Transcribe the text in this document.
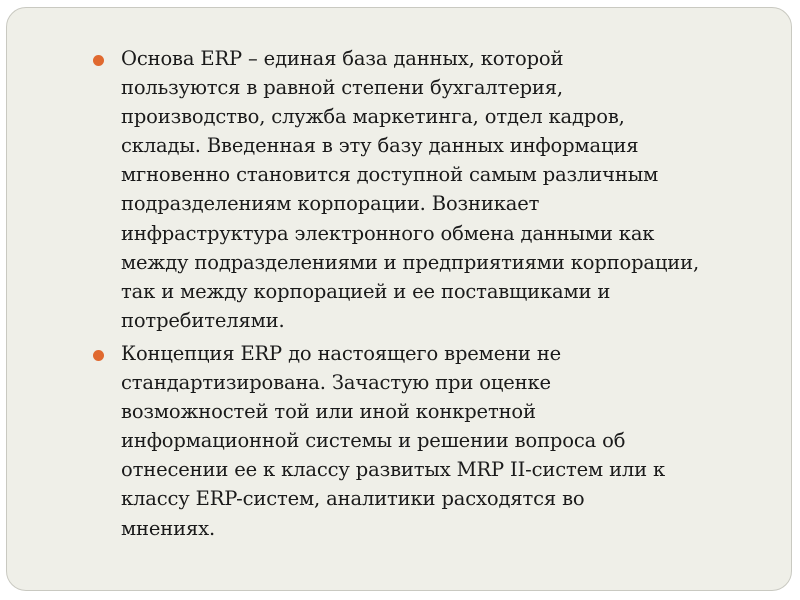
Основа ERP – единая база данных, которой
пользуются в равной степени бухгалтерия,
производство, служба маркетинга, отдел кадров,
склады. Введенная в эту базу данных информация
мгновенно становится доступной самым различным
подразделениям корпорации. Возникает
инфраструктура электронного обмена данными как
между подразделениями и предприятиями корпорации,
так и между корпорацией и ее поставщиками и
потребителями.
Концепция ERP до настоящего времени не
стандартизирована. Зачастую при оценке
возможностей той или иной конкретной
информационной системы и решении вопроса об
отнесении ее к классу развитых MRP II-систем или к
классу ERP-систем, аналитики расходятся во
мнениях.
